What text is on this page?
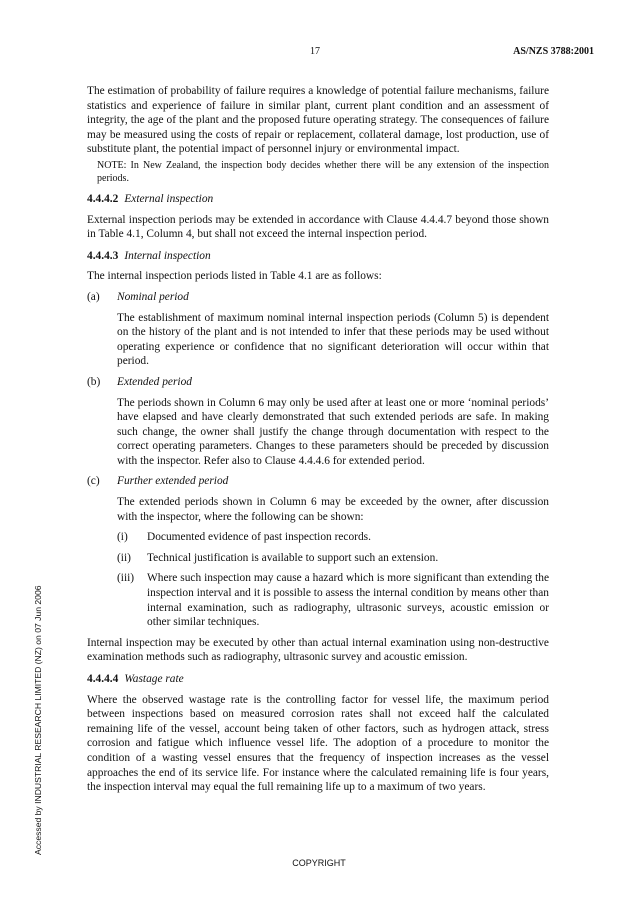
17	AS/NZS 3788:2001
Accessed by INDUSTRIAL RESEARCH LIMITED (NZ) on 07 Jun 2006

The estimation of probability of failure requires a knowledge of potential failure mechanisms, failure statistics and experience of failure in similar plant, current plant condition and an assessment of integrity, the age of the plant and the proposed future operating strategy. The consequences of failure may be measured using the costs of repair or replacement, collateral damage, lost production, use of substitute plant, the potential impact of personnel injury or environmental impact.

NOTE: In New Zealand, the inspection body decides whether there will be any extension of the inspection periods.

4.4.4.2 External inspection

External inspection periods may be extended in accordance with Clause 4.4.4.7 beyond those shown in Table 4.1, Column 4, but shall not exceed the internal inspection period.

4.4.4.3 Internal inspection

The internal inspection periods listed in Table 4.1 are as follows:

(a)	Nominal period

The establishment of maximum nominal internal inspection periods (Column 5) is dependent on the history of the plant and is not intended to infer that these periods may be used without operating experience or confidence that no significant deterioration will occur within that period.

(b)	Extended period

The periods shown in Column 6 may only be used after at least one or more ‘nominal periods’ have elapsed and have clearly demonstrated that such extended periods are safe. In making such change, the owner shall justify the change through documentation with respect to the correct operating parameters. Changes to these parameters should be preceded by discussion with the inspector. Refer also to Clause 4.4.4.6 for extended period.

(c)	Further extended period

The extended periods shown in Column 6 may be exceeded by the owner, after discussion with the inspector, where the following can be shown:

(i)	Documented evidence of past inspection records.
(ii)	Technical justification is available to support such an extension.
(iii)	Where such inspection may cause a hazard which is more significant than extending the inspection interval and it is possible to assess the internal condition by means other than internal examination, such as radiography, ultrasonic surveys, acoustic emission or other similar techniques.

Internal inspection may be executed by other than actual internal examination using non-destructive examination methods such as radiography, ultrasonic survey and acoustic emission.

4.4.4.4 Wastage rate

Where the observed wastage rate is the controlling factor for vessel life, the maximum period between inspections based on measured corrosion rates shall not exceed half the calculated remaining life of the vessel, account being taken of other factors, such as hydrogen attack, stress corrosion and fatigue which influence vessel life. The adoption of a procedure to monitor the condition of a wasting vessel ensures that the frequency of inspection increases as the vessel approaches the end of its service life. For instance where the calculated remaining life is four years, the inspection interval may equal the full remaining life up to a maximum of two years.

COPYRIGHT
